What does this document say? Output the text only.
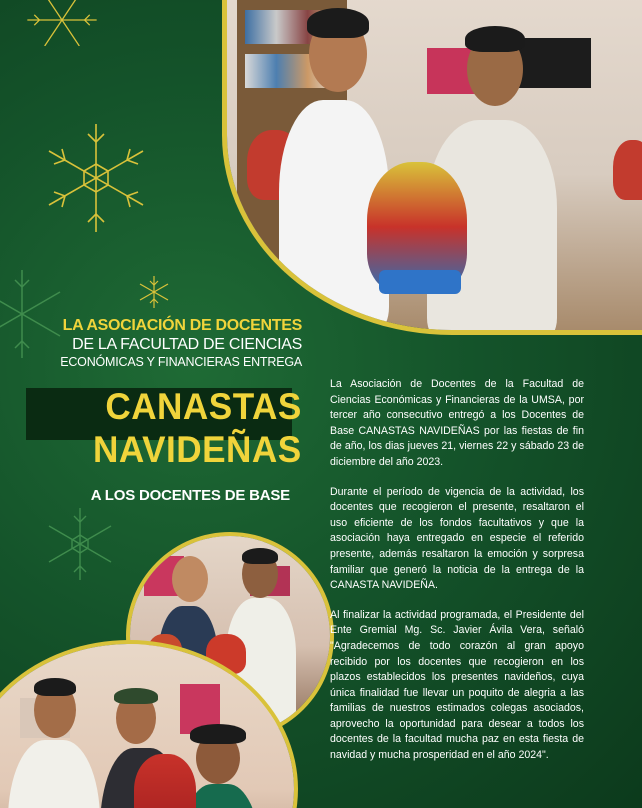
LA ASOCIACIÓN DE DOCENTES
DE LA FACULTAD DE CIENCIAS
ECONÓMICAS Y FINANCIERAS ENTREGA
CANASTAS
NAVIDEÑAS
A LOS DOCENTES DE BASE

La Asociación de Docentes de la Facultad de Ciencias Económicas y Financieras de la UMSA, por tercer año consecutivo entregó a los Docentes de Base CANASTAS NAVIDEÑAS por las fiestas de fin de año, los dias jueves 21, viernes 22 y sábado 23 de diciembre del año 2023.

Durante el período de vigencia de la actividad, los docentes que recogieron el presente, resaltaron el uso eficiente de los fondos facultativos y que la asociación haya entregado en especie el referido presente, además resaltaron la emoción y sorpresa familiar que generó la noticia de la entrega de la CANASTA NAVIDEÑA.

Al finalizar la actividad programada, el Presidente del Ente Gremial Mg. Sc. Javier Ávila Vera, señaló "Agradecemos de todo corazón al gran apoyo recibido por los docentes que recogieron en los plazos establecidos los presentes navideños, cuya única finalidad fue llevar un poquito de alegria a las familias de nuestros estimados colegas asociados, aprovecho la oportunidad para desear a todos los docentes de la facultad mucha paz en esta fiesta de navidad y mucha prosperidad en el año 2024".
